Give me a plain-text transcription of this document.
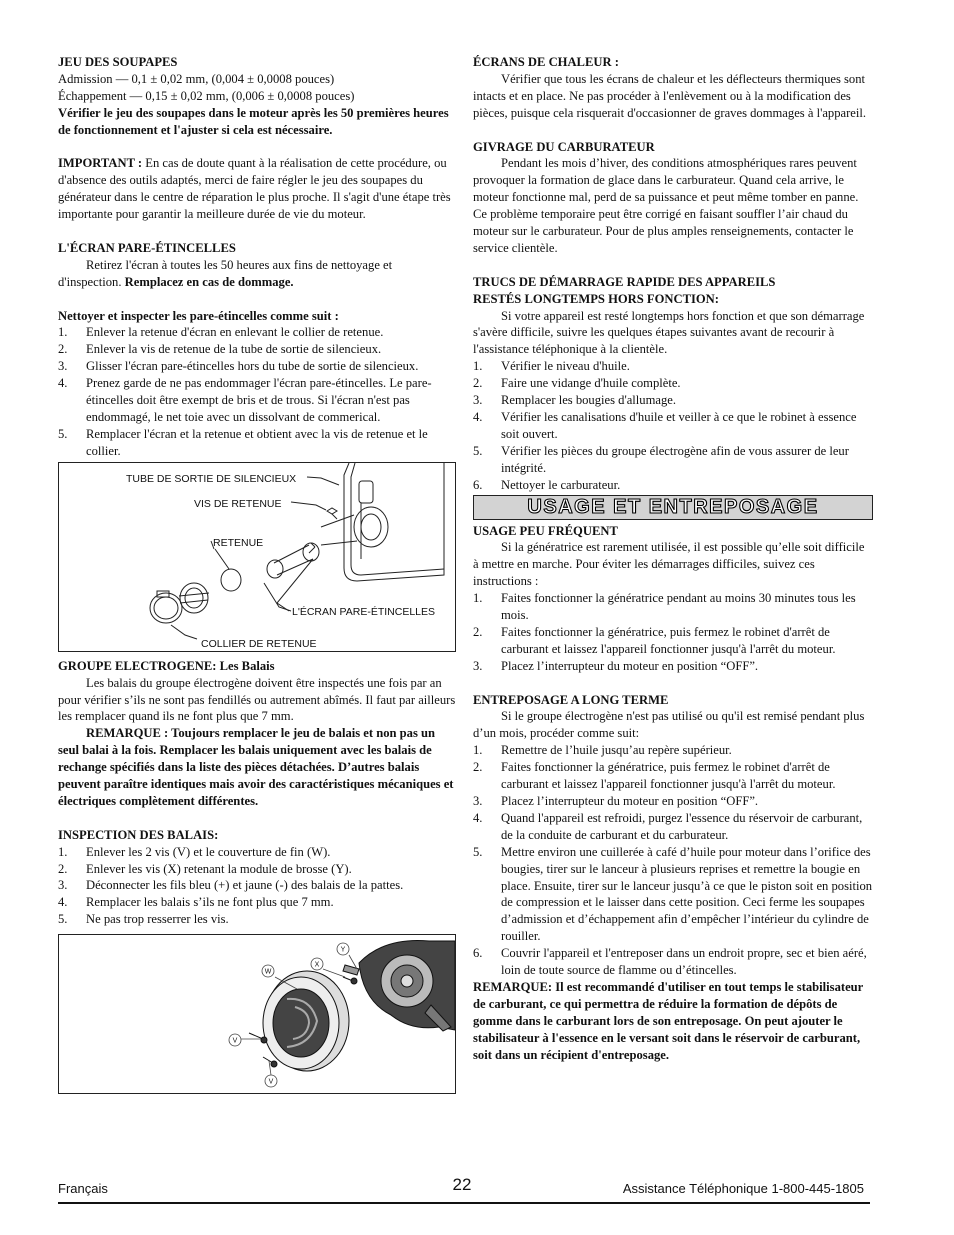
JEU DES SOUPAPES
Admission — 0,1 ± 0,02 mm, (0,004 ± 0,0008 pouces)
Échappement — 0,15 ± 0,02 mm, (0,006 ± 0,0008 pouces)
Vérifier le jeu des soupapes dans le moteur après les 50 premières heures de fonctionnement et l'ajuster si cela est nécessaire.
IMPORTANT : En cas de doute quant à la réalisation de cette procédure, ou d'absence des outils adaptés, merci de faire régler le jeu des soupapes du générateur dans le centre de réparation le plus proche. Il s'agit d'une étape très importante pour garantir la meilleure durée de vie du moteur.
L'ÉCRAN PARE-ÉTINCELLES
Retirez l'écran à toutes les 50 heures aux fins de nettoyage et d'inspection. Remplacez en cas de dommage.
Nettoyer et inspecter les pare-étincelles comme suit :
1.	Enlever la retenue d'écran en enlevant le collier de retenue.
2.	Enlever la vis de retenue de la tube de sortie de silencieux.
3.	Glisser l'écran pare-étincelles hors du tube de sortie de silencieux.
4.	Prenez garde de ne pas endommager l'écran pare-étincelles. Le pare-étincelles doit être exempt de bris et de trous. Si l'écran n'est pas endommagé, le net toie avec un dissolvant de commerical.
5.	Remplacer l'écran et la retenue et obtient avec la vis de retenue et le collier.
TUBE DE SORTIE DE SILENCIEUX
VIS DE RETENUE
RETENUE
L'ÉCRAN PARE-ÉTINCELLES
COLLIER DE RETENUE
GROUPE ELECTROGENE: Les Balais
Les balais du groupe électrogène doivent être inspectés une fois par an pour vérifier s’ils ne sont pas fendillés ou autrement abîmés. Il faut par ailleurs les remplacer quand ils ne font plus que 7 mm.
REMARQUE : Toujours remplacer le jeu de balais et non pas un seul balai à la fois. Remplacer les balais uniquement avec les balais de rechange spécifiés dans la liste des pièces détachées. D’autres balais peuvent paraître identiques mais avoir des caractéristiques mécaniques et électriques complètement différentes.
INSPECTION DES BALAIS:
1.	Enlever les 2 vis (V) et le couverture de fin (W).
2.	Enlever les vis (X) retenant la module de brosse (Y).
3.	Déconnecter les fils bleu (+) et jaune (-) des balais de la pattes.
4.	Remplacer les balais s’ils ne font plus que 7 mm.
5.	Ne pas trop resserrer les vis.
W
X
Y
V
V
ÉCRANS DE CHALEUR :
Vérifier que tous les écrans de chaleur et les déflecteurs thermiques sont intacts et en place. Ne pas procéder à l'enlèvement ou à la modification des pièces, puisque cela risquerait d'occasionner de graves dommages à l'appareil.
GIVRAGE DU CARBURATEUR
Pendant les mois d’hiver, des conditions atmosphériques rares peuvent provoquer la formation de glace dans le carburateur. Quand cela arrive, le moteur fonctionne mal, perd de sa puissance et peut même tomber en panne. Ce problème temporaire peut être corrigé en faisant souffler l’air chaud du moteur sur le carburateur. Pour de plus amples renseignements, contacter le service clientèle.
TRUCS DE DÉMARRAGE RAPIDE DES APPAREILS
RESTÉS LONGTEMPS HORS FONCTION:
Si votre appareil est resté longtemps hors fonction et que son démarrage s'avère difficile, suivre les quelques étapes suivantes avant de recourir à l'assistance téléphonique à la clientèle.
1.	Vérifier le niveau d'huile.
2.	Faire une vidange d'huile complète.
3.	Remplacer les bougies d'allumage.
4.	Vérifier les canalisations d'huile et veiller à ce que le robinet à essence soit ouvert.
5.	Vérifier les pièces du groupe électrogène afin de vous assurer de leur intégrité.
6.	Nettoyer le carburateur.
USAGE ET ENTREPOSAGE
USAGE PEU FRÉQUENT
Si la génératrice est rarement utilisée, il est possible qu’elle soit difficile à mettre en marche. Pour éviter les démarrages difficiles, suivez ces instructions :
1.	Faites fonctionner la génératrice pendant au moins 30 minutes tous les mois.
2.	Faites fonctionner la génératrice, puis fermez le robinet d'arrêt de carburant et laissez l'appareil fonctionner jusqu'à l'arrêt du moteur.
3.	Placez l’interrupteur du moteur en position “OFF”.
ENTREPOSAGE A LONG TERME
Si le groupe électrogène n'est pas utilisé ou qu'il est remisé pendant plus d’un mois, procéder comme suit:
1.	Remettre de l’huile jusqu’au repère supérieur.
2.	Faites fonctionner la génératrice, puis fermez le robinet d'arrêt de carburant et laissez l'appareil fonctionner jusqu'à l'arrêt du moteur.
3.	Placez l’interrupteur du moteur en position “OFF”.
4.	Quand l'appareil est refroidi, purgez l'essence du réservoir de carburant, de la conduite de carburant et du carburateur.
5.	Mettre environ une cuillerée à café d’huile pour moteur dans l’orifice des bougies, tirer sur le lanceur à plusieurs reprises et remettre la bougie en place. Ensuite, tirer sur le lanceur jusqu’à ce que le piston soit en position de compression et le laisser dans cette position. Ceci ferme les soupapes d’admission et d’échappement afin d’empêcher l’intérieur du cylindre de rouiller.
6.	Couvrir l'appareil et l'entreposer dans un endroit propre, sec et bien aéré, loin de toute source de flamme ou d’étincelles.
REMARQUE: Il est recommandé d'utiliser en tout temps le stabilisateur de carburant, ce qui permettra de réduire la formation de dépôts de gomme dans le carburant lors de son entreposage. On peut ajouter le stabilisateur à l'essence en le versant soit dans le réservoir de carburant, soit dans un récipient d'entreposage.
Français	22	Assistance Téléphonique 1-800-445-1805
